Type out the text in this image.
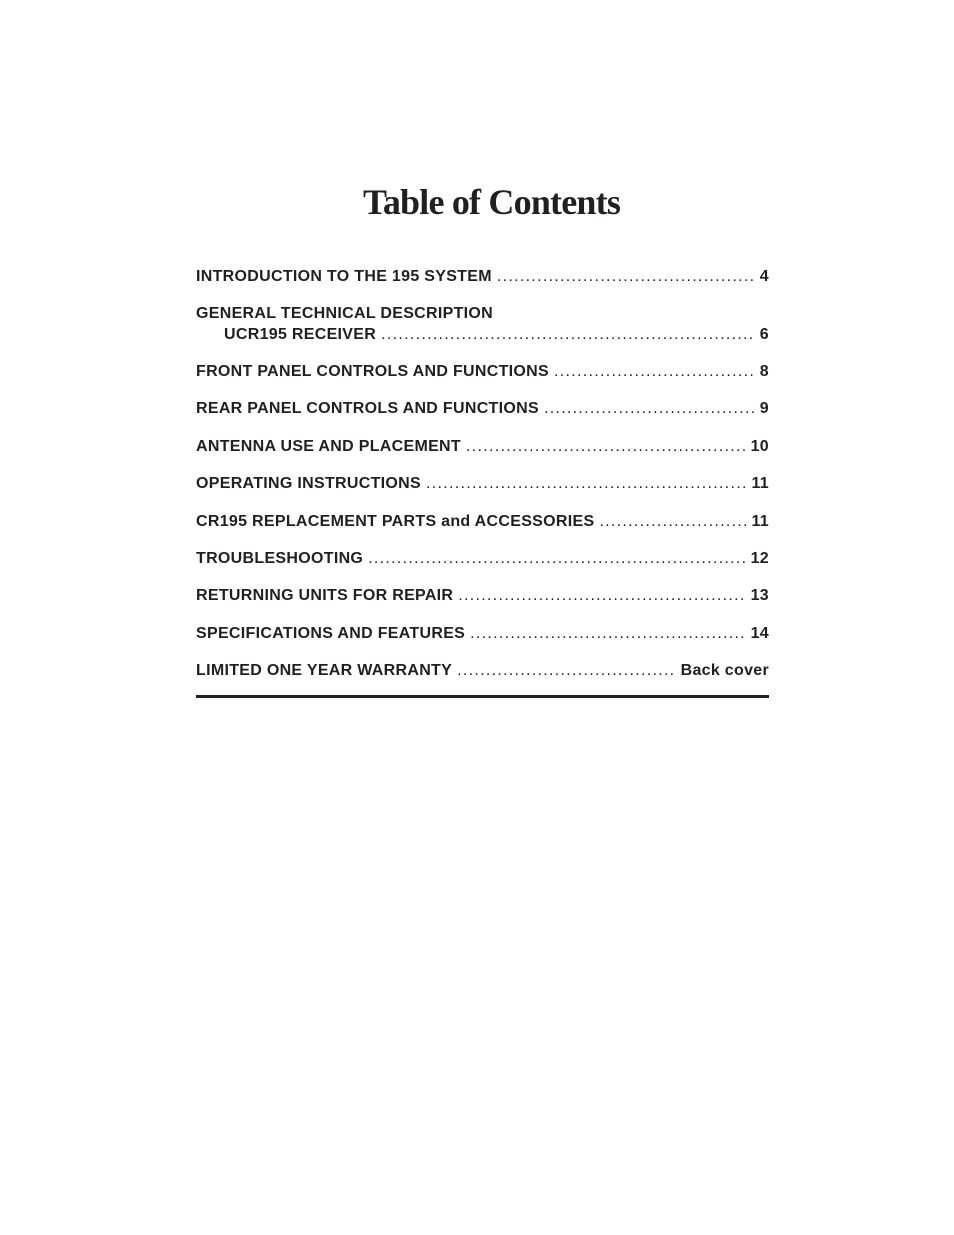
Table of Contents
INTRODUCTION TO THE 195 SYSTEM .....	4
GENERAL TECHNICAL DESCRIPTION
UCR195 RECEIVER .....	6
FRONT PANEL CONTROLS AND FUNCTIONS .....	8
REAR PANEL CONTROLS AND FUNCTIONS .....	9
ANTENNA USE AND PLACEMENT .....	10
OPERATING INSTRUCTIONS .....	11
CR195 REPLACEMENT PARTS and ACCESSORIES .....	11
TROUBLESHOOTING .....	12
RETURNING UNITS FOR REPAIR .....	13
SPECIFICATIONS AND FEATURES .....	14
LIMITED ONE YEAR WARRANTY .....	Back cover
